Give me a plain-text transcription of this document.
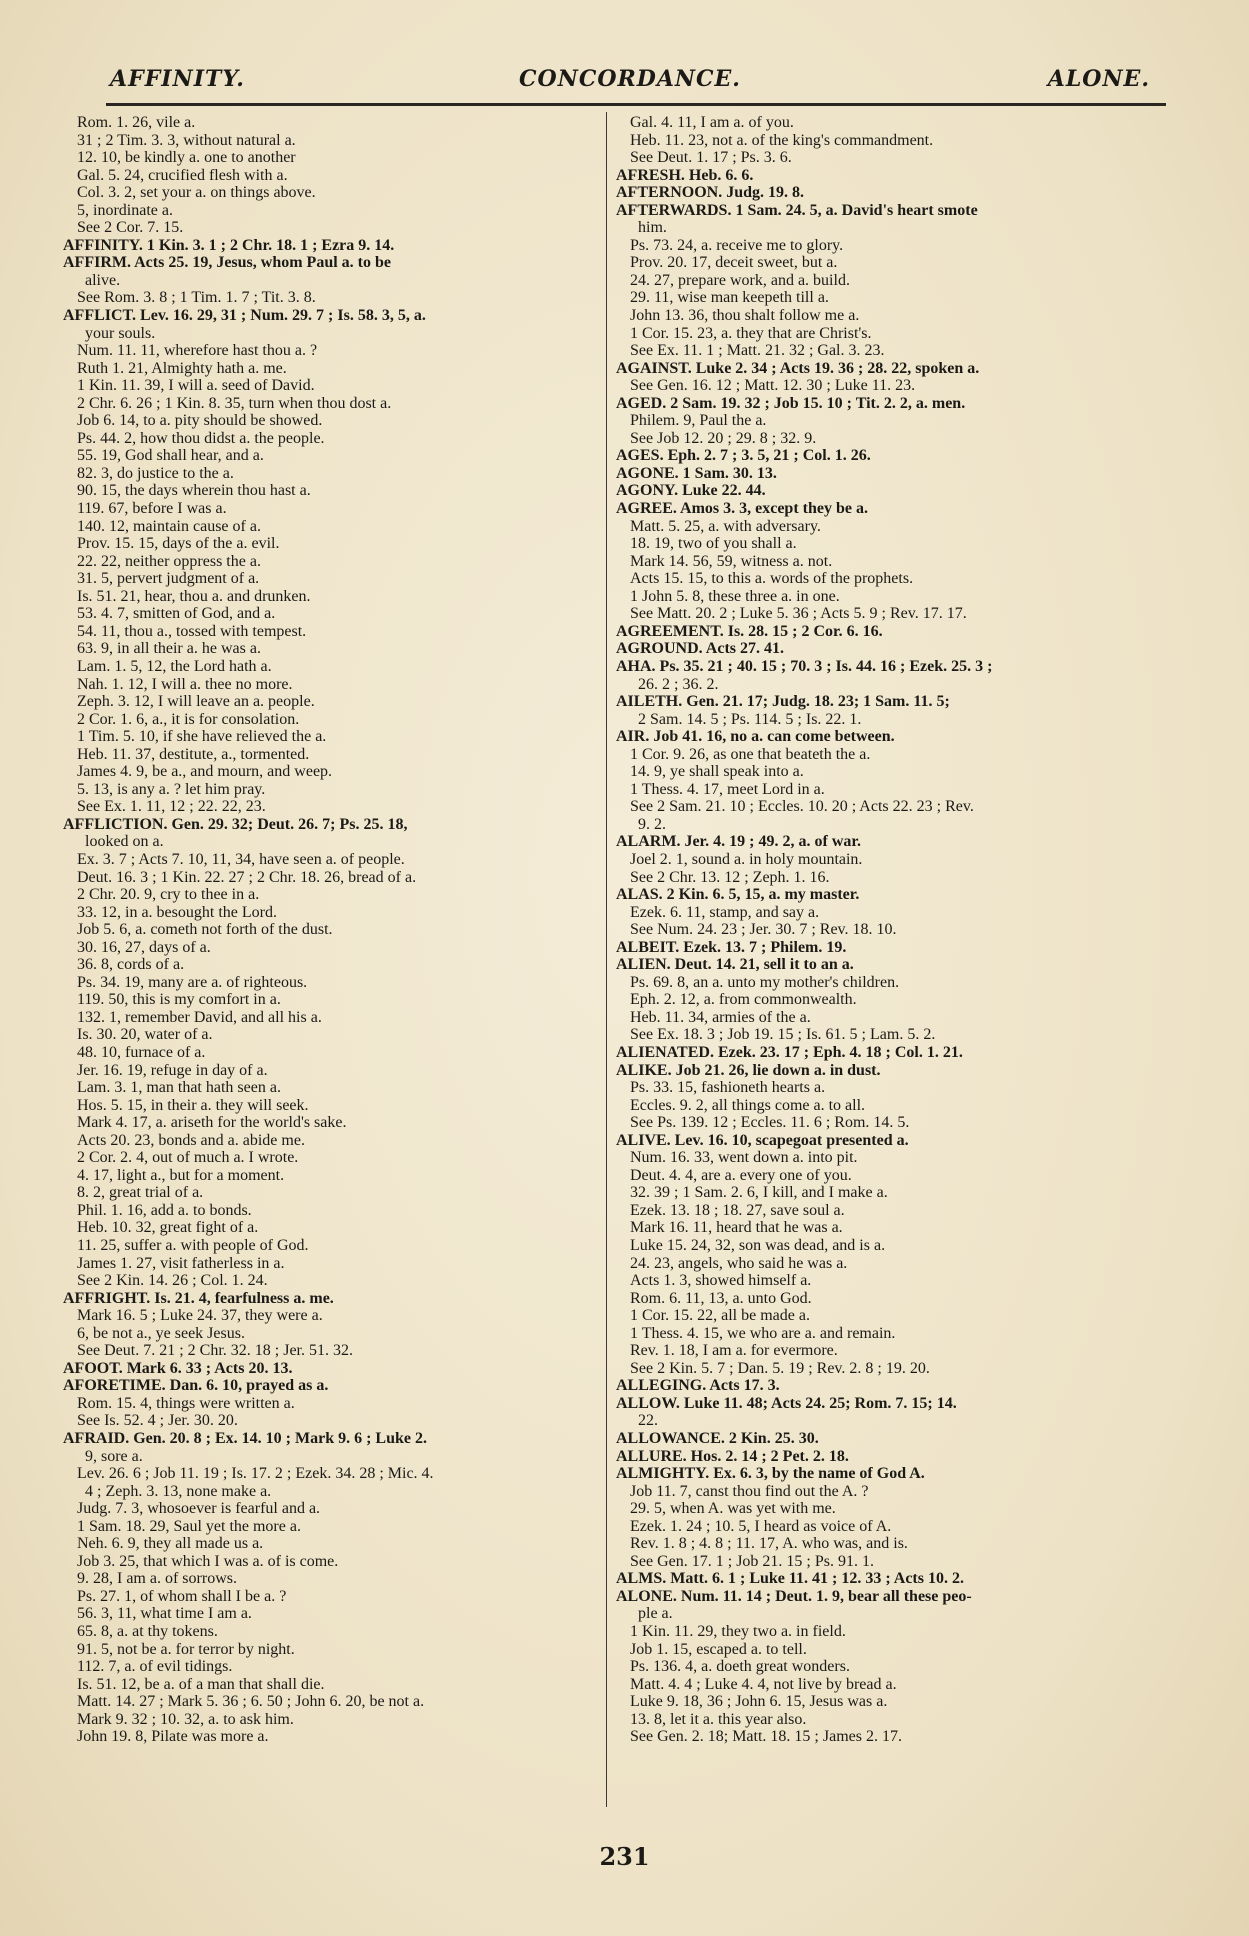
AFFINITY.	CONCORDANCE.	ALONE.
Rom. 1. 26, vile a.
31 ; 2 Tim. 3. 3, without natural a.
12. 10, be kindly a. one to another
Gal. 5. 24, crucified flesh with a.
Col. 3. 2, set your a. on things above.
5, inordinate a.
See 2 Cor. 7. 15.
AFFINITY. 1 Kin. 3. 1 ; 2 Chr. 18. 1 ; Ezra 9. 14.
AFFIRM. Acts 25. 19, Jesus, whom Paul a. to be
alive.
See Rom. 3. 8 ; 1 Tim. 1. 7 ; Tit. 3. 8.
AFFLICT. Lev. 16. 29, 31 ; Num. 29. 7 ; Is. 58. 3, 5, a.
your souls.
Num. 11. 11, wherefore hast thou a. ?
Ruth 1. 21, Almighty hath a. me.
1 Kin. 11. 39, I will a. seed of David.
2 Chr. 6. 26 ; 1 Kin. 8. 35, turn when thou dost a.
Job 6. 14, to a. pity should be showed.
Ps. 44. 2, how thou didst a. the people.
55. 19, God shall hear, and a.
82. 3, do justice to the a.
90. 15, the days wherein thou hast a.
119. 67, before I was a.
140. 12, maintain cause of a.
Prov. 15. 15, days of the a. evil.
22. 22, neither oppress the a.
31. 5, pervert judgment of a.
Is. 51. 21, hear, thou a. and drunken.
53. 4. 7, smitten of God, and a.
54. 11, thou a., tossed with tempest.
63. 9, in all their a. he was a.
Lam. 1. 5, 12, the Lord hath a.
Nah. 1. 12, I will a. thee no more.
Zeph. 3. 12, I will leave an a. people.
2 Cor. 1. 6, a., it is for consolation.
1 Tim. 5. 10, if she have relieved the a.
Heb. 11. 37, destitute, a., tormented.
James 4. 9, be a., and mourn, and weep.
5. 13, is any a. ? let him pray.
See Ex. 1. 11, 12 ; 22. 22, 23.
AFFLICTION. Gen. 29. 32; Deut. 26. 7; Ps. 25. 18,
looked on a.
Ex. 3. 7 ; Acts 7. 10, 11, 34, have seen a. of people.
Deut. 16. 3 ; 1 Kin. 22. 27 ; 2 Chr. 18. 26, bread of a.
2 Chr. 20. 9, cry to thee in a.
33. 12, in a. besought the Lord.
Job 5. 6, a. cometh not forth of the dust.
30. 16, 27, days of a.
36. 8, cords of a.
Ps. 34. 19, many are a. of righteous.
119. 50, this is my comfort in a.
132. 1, remember David, and all his a.
Is. 30. 20, water of a.
48. 10, furnace of a.
Jer. 16. 19, refuge in day of a.
Lam. 3. 1, man that hath seen a.
Hos. 5. 15, in their a. they will seek.
Mark 4. 17, a. ariseth for the world's sake.
Acts 20. 23, bonds and a. abide me.
2 Cor. 2. 4, out of much a. I wrote.
4. 17, light a., but for a moment.
8. 2, great trial of a.
Phil. 1. 16, add a. to bonds.
Heb. 10. 32, great fight of a.
11. 25, suffer a. with people of God.
James 1. 27, visit fatherless in a.
See 2 Kin. 14. 26 ; Col. 1. 24.
AFFRIGHT. Is. 21. 4, fearfulness a. me.
Mark 16. 5 ; Luke 24. 37, they were a.
6, be not a., ye seek Jesus.
See Deut. 7. 21 ; 2 Chr. 32. 18 ; Jer. 51. 32.
AFOOT. Mark 6. 33 ; Acts 20. 13.
AFORETIME. Dan. 6. 10, prayed as a.
Rom. 15. 4, things were written a.
See Is. 52. 4 ; Jer. 30. 20.
AFRAID. Gen. 20. 8 ; Ex. 14. 10 ; Mark 9. 6 ; Luke 2.
9, sore a.
Lev. 26. 6 ; Job 11. 19 ; Is. 17. 2 ; Ezek. 34. 28 ; Mic. 4.
4 ; Zeph. 3. 13, none make a.
Judg. 7. 3, whosoever is fearful and a.
1 Sam. 18. 29, Saul yet the more a.
Neh. 6. 9, they all made us a.
Job 3. 25, that which I was a. of is come.
9. 28, I am a. of sorrows.
Ps. 27. 1, of whom shall I be a. ?
56. 3, 11, what time I am a.
65. 8, a. at thy tokens.
91. 5, not be a. for terror by night.
112. 7, a. of evil tidings.
Is. 51. 12, be a. of a man that shall die.
Matt. 14. 27 ; Mark 5. 36 ; 6. 50 ; John 6. 20, be not a.
Mark 9. 32 ; 10. 32, a. to ask him.
John 19. 8, Pilate was more a.
Gal. 4. 11, I am a. of you.
Heb. 11. 23, not a. of the king's commandment.
See Deut. 1. 17 ; Ps. 3. 6.
AFRESH. Heb. 6. 6.
AFTERNOON. Judg. 19. 8.
AFTERWARDS. 1 Sam. 24. 5, a. David's heart smote
him.
Ps. 73. 24, a. receive me to glory.
Prov. 20. 17, deceit sweet, but a.
24. 27, prepare work, and a. build.
29. 11, wise man keepeth till a.
John 13. 36, thou shalt follow me a.
1 Cor. 15. 23, a. they that are Christ's.
See Ex. 11. 1 ; Matt. 21. 32 ; Gal. 3. 23.
AGAINST. Luke 2. 34 ; Acts 19. 36 ; 28. 22, spoken a.
See Gen. 16. 12 ; Matt. 12. 30 ; Luke 11. 23.
AGED. 2 Sam. 19. 32 ; Job 15. 10 ; Tit. 2. 2, a. men.
Philem. 9, Paul the a.
See Job 12. 20 ; 29. 8 ; 32. 9.
AGES. Eph. 2. 7 ; 3. 5, 21 ; Col. 1. 26.
AGONE. 1 Sam. 30. 13.
AGONY. Luke 22. 44.
AGREE. Amos 3. 3, except they be a.
Matt. 5. 25, a. with adversary.
18. 19, two of you shall a.
Mark 14. 56, 59, witness a. not.
Acts 15. 15, to this a. words of the prophets.
1 John 5. 8, these three a. in one.
See Matt. 20. 2 ; Luke 5. 36 ; Acts 5. 9 ; Rev. 17. 17.
AGREEMENT. Is. 28. 15 ; 2 Cor. 6. 16.
AGROUND. Acts 27. 41.
AHA. Ps. 35. 21 ; 40. 15 ; 70. 3 ; Is. 44. 16 ; Ezek. 25. 3 ;
26. 2 ; 36. 2.
AILETH. Gen. 21. 17; Judg. 18. 23; 1 Sam. 11. 5;
2 Sam. 14. 5 ; Ps. 114. 5 ; Is. 22. 1.
AIR. Job 41. 16, no a. can come between.
1 Cor. 9. 26, as one that beateth the a.
14. 9, ye shall speak into a.
1 Thess. 4. 17, meet Lord in a.
See 2 Sam. 21. 10 ; Eccles. 10. 20 ; Acts 22. 23 ; Rev.
9. 2.
ALARM. Jer. 4. 19 ; 49. 2, a. of war.
Joel 2. 1, sound a. in holy mountain.
See 2 Chr. 13. 12 ; Zeph. 1. 16.
ALAS. 2 Kin. 6. 5, 15, a. my master.
Ezek. 6. 11, stamp, and say a.
See Num. 24. 23 ; Jer. 30. 7 ; Rev. 18. 10.
ALBEIT. Ezek. 13. 7 ; Philem. 19.
ALIEN. Deut. 14. 21, sell it to an a.
Ps. 69. 8, an a. unto my mother's children.
Eph. 2. 12, a. from commonwealth.
Heb. 11. 34, armies of the a.
See Ex. 18. 3 ; Job 19. 15 ; Is. 61. 5 ; Lam. 5. 2.
ALIENATED. Ezek. 23. 17 ; Eph. 4. 18 ; Col. 1. 21.
ALIKE. Job 21. 26, lie down a. in dust.
Ps. 33. 15, fashioneth hearts a.
Eccles. 9. 2, all things come a. to all.
See Ps. 139. 12 ; Eccles. 11. 6 ; Rom. 14. 5.
ALIVE. Lev. 16. 10, scapegoat presented a.
Num. 16. 33, went down a. into pit.
Deut. 4. 4, are a. every one of you.
32. 39 ; 1 Sam. 2. 6, I kill, and I make a.
Ezek. 13. 18 ; 18. 27, save soul a.
Mark 16. 11, heard that he was a.
Luke 15. 24, 32, son was dead, and is a.
24. 23, angels, who said he was a.
Acts 1. 3, showed himself a.
Rom. 6. 11, 13, a. unto God.
1 Cor. 15. 22, all be made a.
1 Thess. 4. 15, we who are a. and remain.
Rev. 1. 18, I am a. for evermore.
See 2 Kin. 5. 7 ; Dan. 5. 19 ; Rev. 2. 8 ; 19. 20.
ALLEGING. Acts 17. 3.
ALLOW. Luke 11. 48; Acts 24. 25; Rom. 7. 15; 14.
22.
ALLOWANCE. 2 Kin. 25. 30.
ALLURE. Hos. 2. 14 ; 2 Pet. 2. 18.
ALMIGHTY. Ex. 6. 3, by the name of God A.
Job 11. 7, canst thou find out the A. ?
29. 5, when A. was yet with me.
Ezek. 1. 24 ; 10. 5, I heard as voice of A.
Rev. 1. 8 ; 4. 8 ; 11. 17, A. who was, and is.
See Gen. 17. 1 ; Job 21. 15 ; Ps. 91. 1.
ALMS. Matt. 6. 1 ; Luke 11. 41 ; 12. 33 ; Acts 10. 2.
ALONE. Num. 11. 14 ; Deut. 1. 9, bear all these peo-
ple a.
1 Kin. 11. 29, they two a. in field.
Job 1. 15, escaped a. to tell.
Ps. 136. 4, a. doeth great wonders.
Matt. 4. 4 ; Luke 4. 4, not live by bread a.
Luke 9. 18, 36 ; John 6. 15, Jesus was a.
13. 8, let it a. this year also.
See Gen. 2. 18; Matt. 18. 15 ; James 2. 17.
231
